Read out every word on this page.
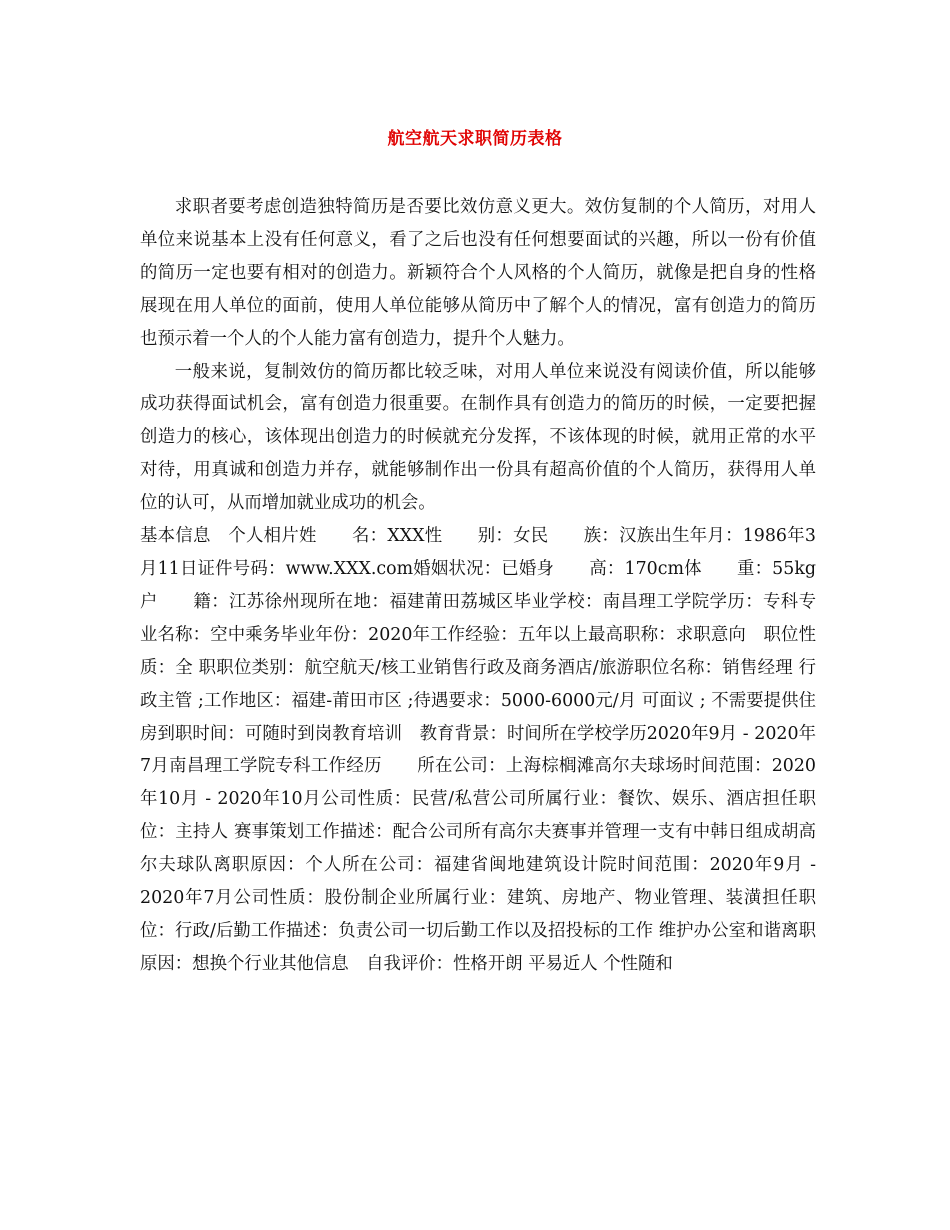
航空航天求职简历表格

求职者要考虑创造独特简历是否要比效仿意义更大。效仿复制的个人简历，对用人单位来说基本上没有任何意义，看了之后也没有任何想要面试的兴趣，所以一份有价值的简历一定也要有相对的创造力。新颖符合个人风格的个人简历，就像是把自身的性格展现在用人单位的面前，使用人单位能够从简历中了解个人的情况，富有创造力的简历也预示着一个人的个人能力富有创造力，提升个人魅力。

一般来说，复制效仿的简历都比较乏味，对用人单位来说没有阅读价值，所以能够成功获得面试机会，富有创造力很重要。在制作具有创造力的简历的时候，一定要把握创造力的核心，该体现出创造力的时候就充分发挥，不该体现的时候，就用正常的水平对待，用真诚和创造力并存，就能够制作出一份具有超高价值的个人简历，获得用人单位的认可，从而增加就业成功的机会。

基本信息　个人相片姓　　名：XXX性　　别：女民　　族：汉族出生年月：1986年3月11日证件号码：www.XXX.com婚姻状况：已婚身　　高：170cm体　　重：55kg户　　籍：江苏徐州现所在地：福建莆田荔城区毕业学校：南昌理工学院学历：专科专业名称：空中乘务毕业年份：2020年工作经验：五年以上最高职称：求职意向　职位性质：全 职职位类别：航空航天/核工业销售行政及商务酒店/旅游职位名称：销售经理 行政主管 ;工作地区：福建-莆田市区 ;待遇要求：5000-6000元/月 可面议 ; 不需要提供住房到职时间：可随时到岗教育培训　教育背景：时间所在学校学历2020年9月 - 2020年7月南昌理工学院专科工作经历　　所在公司：上海棕榈滩高尔夫球场时间范围：2020年10月 - 2020年10月公司性质：民营/私营公司所属行业：餐饮、娱乐、酒店担任职位：主持人 赛事策划工作描述：配合公司所有高尔夫赛事并管理一支有中韩日组成胡高尔夫球队离职原因：个人所在公司：福建省闽地建筑设计院时间范围：2020年9月 - 2020年7月公司性质：股份制企业所属行业：建筑、房地产、物业管理、装潢担任职位：行政/后勤工作描述：负责公司一切后勤工作以及招投标的工作 维护办公室和谐离职原因：想换个行业其他信息　自我评价：性格开朗 平易近人 个性随和
